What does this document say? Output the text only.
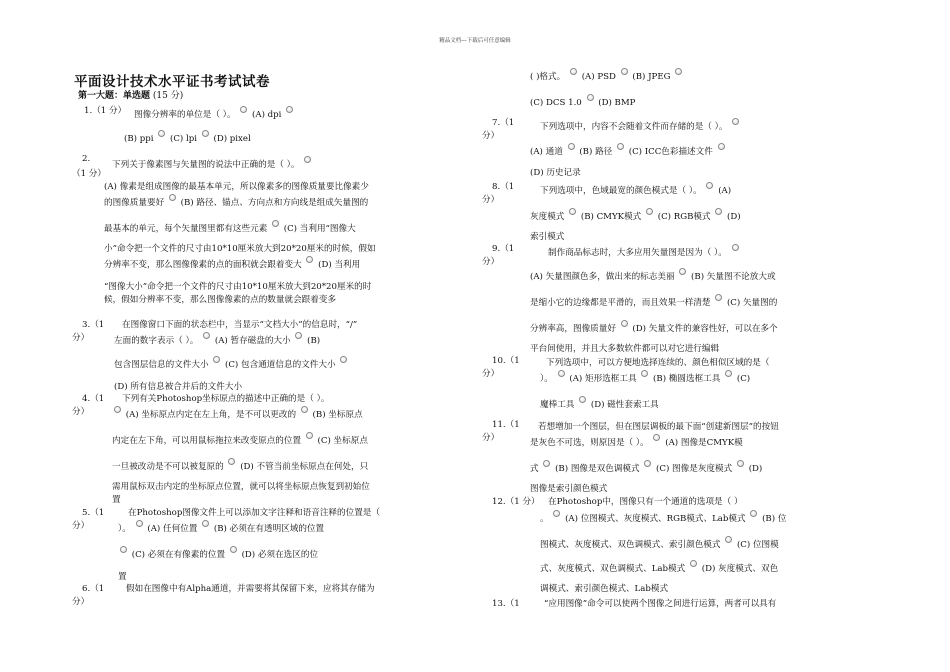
精品文档---下载后可任意编辑
平面设计技术水平证书考试试卷
第一大题：单选题 (15 分)
1.（1 分） 图像分辨率的单位是（ ）。  (A) dpi
(B) ppi  (C) lpi  (D) pixel
2.
（1 分）
下列关于像素图与矢量图的说法中正确的是（ ）。
(A) 像素是组成图像的最基本单元，所以像素多的图像质量要比像素少
的图像质量要好  (B) 路径、锚点、方向点和方向线是组成矢量图的
最基本的单元，每个矢量图里都有这些元素  (C) 当利用“图像大
小”命令把一个文件的尺寸由10*10厘米放大到20*20厘米的时候，假如
分辨率不变，那么图像像素的点的面积就会跟着变大  (D) 当利用
“图像大小”命令把一个文件的尺寸由10*10厘米放大到20*20厘米的时
候，假如分辨率不变，那么图像像素的点的数量就会跟着变多
3.（1
分）
在图像窗口下面的状态栏中，当显示“文档大小”的信息时，“/”
左面的数字表示（ ）。  (A) 暂存磁盘的大小  (B)
包含图层信息的文件大小  (C) 包含通道信息的文件大小
(D) 所有信息被合并后的文件大小
4.（1
分）
下列有关Photoshop坐标原点的描述中正确的是（ ）。
(A) 坐标原点内定在左上角，是不可以更改的  (B) 坐标原点
内定在左下角，可以用鼠标拖拉来改变原点的位置  (C) 坐标原点
一旦被改动是不可以被复原的  (D) 不管当前坐标原点在何处，只
需用鼠标双击内定的坐标原点位置，就可以将坐标原点恢复到初始位
置
5.（1
分）
在Photoshop图像文件上可以添加文字注释和语音注释的位置是（
）。  (A) 任何位置  (B) 必须在有透明区域的位置
(C) 必须在有像素的位置  (D) 必须在选区的位
置
6.（1
分）
假如在图像中有Alpha通道，并需要将其保留下来，应将其存储为
( )格式。  (A) PSD  (B) JPEG
(C) DCS 1.0  (D) BMP
7.（1
分）
下列选项中，内容不会随着文件而存储的是（ ）。
(A) 通道  (B) 路径  (C) ICC色彩描述文件
(D) 历史记录
8.（1
分）
下列选项中，色域最宽的颜色模式是（ ）。  (A)
灰度模式  (B) CMYK模式  (C) RGB模式  (D)
索引模式
9.（1
分）
制作商品标志时，大多应用矢量图是因为（ ）。
(A) 矢量图颜色多，做出来的标志美丽  (B) 矢量图不论放大或
是缩小它的边缘都是平滑的，而且效果一样清楚  (C) 矢量图的
分辨率高，图像质量好  (D) 矢量文件的兼容性好，可以在多个
平台间使用，并且大多数软件都可以对它进行编辑
10.（1
分）
下列选项中，可以方便地选择连续的、颜色相似区域的是（
）。  (A) 矩形选框工具  (B) 椭圆选框工具  (C)
魔棒工具  (D) 磁性套索工具
11.（1
分）
若想增加一个图层，但在图层调板的最下面“创建新图层”的按钮
是灰色不可选，则原因是（ ）。  (A) 图像是CMYK模
式  (B) 图像是双色调模式  (C) 图像是灰度模式  (D)
图像是索引颜色模式
12.（1 分） 在Photoshop中，图像只有一个通道的选项是（ ）
。  (A) 位图模式、灰度模式、RGB模式、Lab模式  (B) 位
图模式、灰度模式、双色调模式、索引颜色模式  (C) 位图模
式、灰度模式、双色调模式、Lab模式  (D) 灰度模式、双色
调模式、索引颜色模式、Lab模式
13.（1	“应用图像”命令可以使两个图像之间进行运算，两者可以具有
